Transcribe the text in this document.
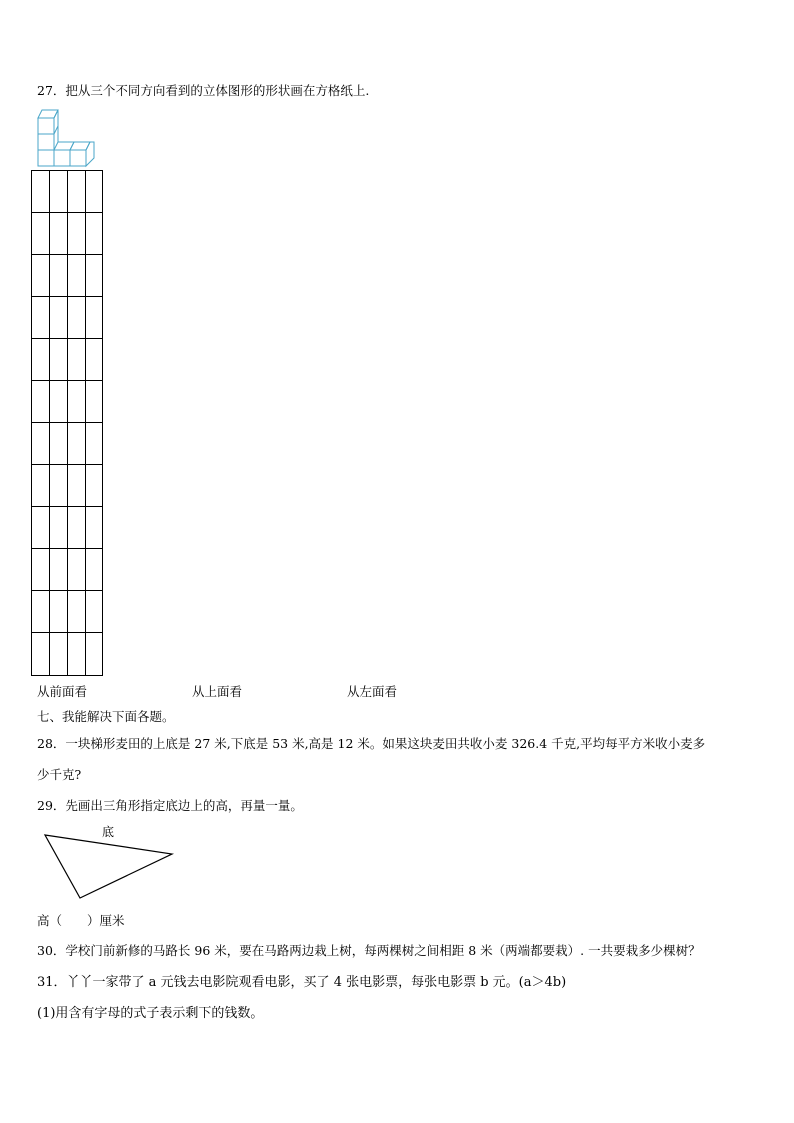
27．把从三个不同方向看到的立体图形的形状画在方格纸上.
从前面看	从上面看	从左面看
七、我能解决下面各题。
28．一块梯形麦田的上底是 27 米,下底是 53 米,高是 12 米。如果这块麦田共收小麦 326.4 千克,平均每平方米收小麦多
少千克?
29．先画出三角形指定底边上的高，再量一量。
底
高（　　）厘米
30．学校门前新修的马路长 96 米，要在马路两边栽上树，每两棵树之间相距 8 米（两端都要栽）. 一共要栽多少棵树？
31．丫丫一家带了 a 元钱去电影院观看电影，买了 4 张电影票，每张电影票 b 元。(a＞4b)
(1)用含有字母的式子表示剩下的钱数。
